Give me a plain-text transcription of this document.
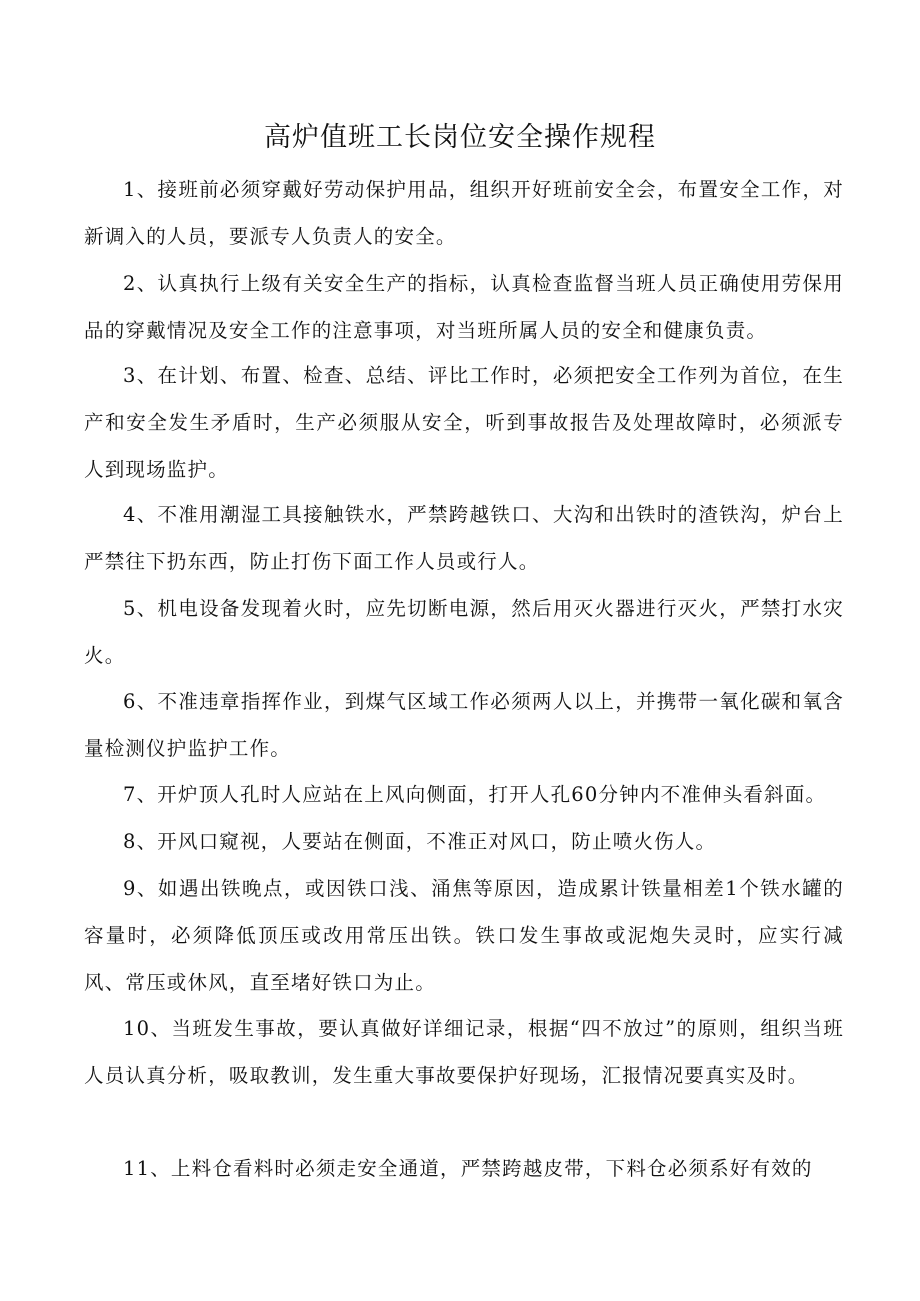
高炉值班工长岗位安全操作规程

1、接班前必须穿戴好劳动保护用品，组织开好班前安全会，布置安全工作，对新调入的人员，要派专人负责人的安全。

2、认真执行上级有关安全生产的指标，认真检查监督当班人员正确使用劳保用品的穿戴情况及安全工作的注意事项，对当班所属人员的安全和健康负责。

3、在计划、布置、检查、总结、评比工作时，必须把安全工作列为首位，在生产和安全发生矛盾时，生产必须服从安全，听到事故报告及处理故障时，必须派专人到现场监护。

4、不准用潮湿工具接触铁水，严禁跨越铁口、大沟和出铁时的渣铁沟，炉台上严禁往下扔东西，防止打伤下面工作人员或行人。

5、机电设备发现着火时，应先切断电源，然后用灭火器进行灭火，严禁打水灾火。

6、不准违章指挥作业，到煤气区域工作必须两人以上，并携带一氧化碳和氧含量检测仪护监护工作。

7、开炉顶人孔时人应站在上风向侧面，打开人孔60分钟内不准伸头看斜面。

8、开风口窥视，人要站在侧面，不准正对风口，防止喷火伤人。

9、如遇出铁晚点，或因铁口浅、涌焦等原因，造成累计铁量相差1个铁水罐的容量时，必须降低顶压或改用常压出铁。铁口发生事故或泥炮失灵时，应实行减风、常压或休风，直至堵好铁口为止。

10、当班发生事故，要认真做好详细记录，根据“四不放过”的原则，组织当班人员认真分析，吸取教训，发生重大事故要保护好现场，汇报情况要真实及时。

11、上料仓看料时必须走安全通道，严禁跨越皮带，下料仓必须系好有效的
